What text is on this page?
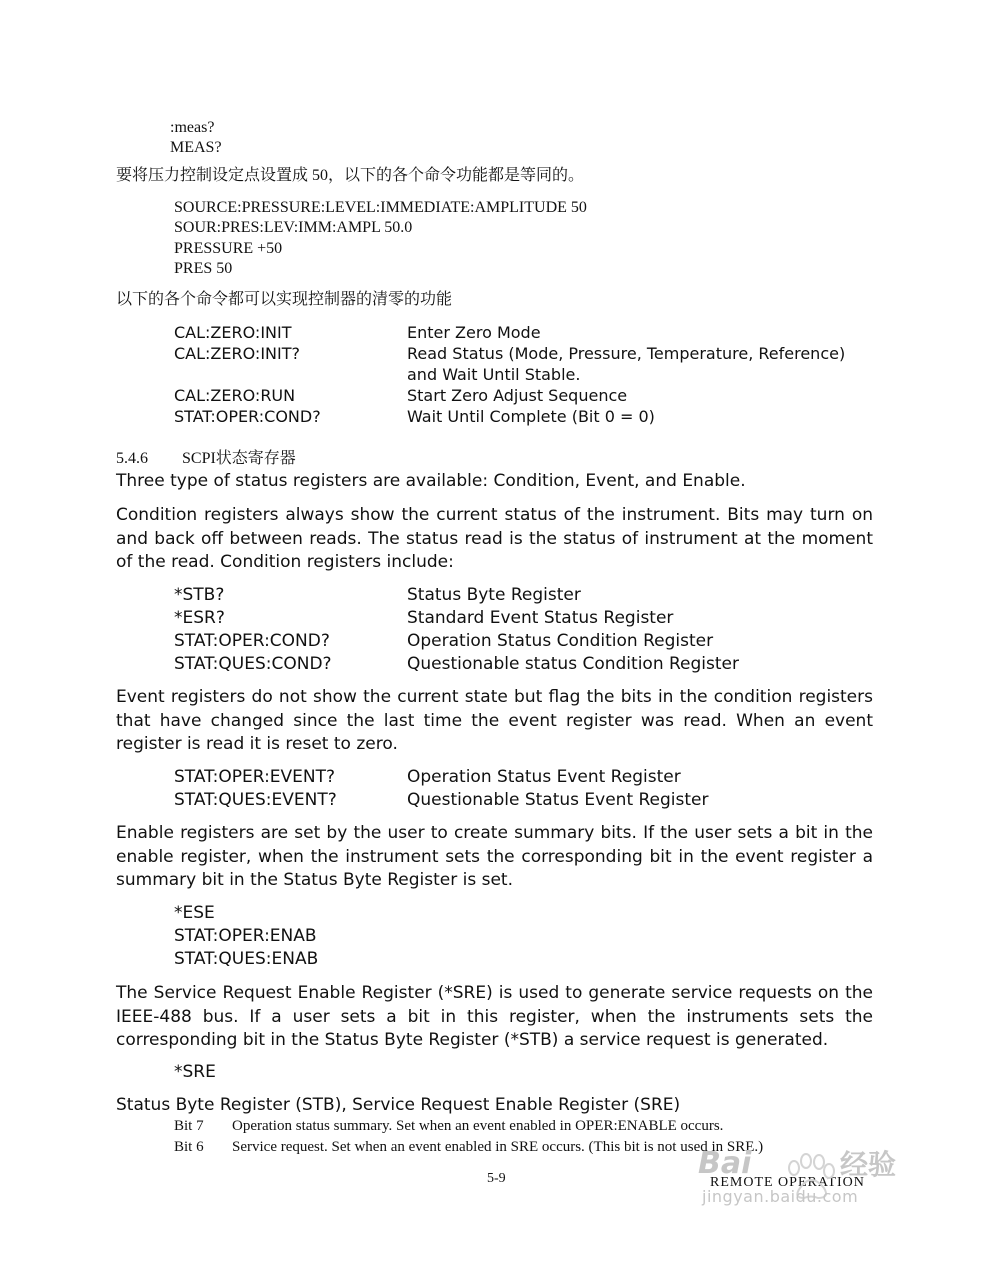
:meas?
MEAS?
要将压力控制设定点设置成 50，以下的各个命令功能都是等同的。
SOURCE:PRESSURE:LEVEL:IMMEDIATE:AMPLITUDE 50
SOUR:PRES:LEV:IMM:AMPL 50.0
PRESSURE +50
PRES 50
以下的各个命令都可以实现控制器的清零的功能
CAL:ZERO:INIT	Enter Zero Mode
CAL:ZERO:INIT?	Read Status (Mode, Pressure, Temperature, Reference)
and Wait Until Stable.
CAL:ZERO:RUN	Start Zero Adjust Sequence
STAT:OPER:COND?	Wait Until Complete (Bit 0 = 0)
5.4.6 SCPI状态寄存器
Three type of status registers are available: Condition, Event, and Enable.
Condition registers always show the current status of the instrument. Bits may turn on and back off between reads. The status read is the status of instrument at the moment of the read. Condition registers include:
*STB?	Status Byte Register
*ESR?	Standard Event Status Register
STAT:OPER:COND?	Operation Status Condition Register
STAT:QUES:COND?	Questionable status Condition Register
Event registers do not show the current state but flag the bits in the condition registers that have changed since the last time the event register was read. When an event register is read it is reset to zero.
STAT:OPER:EVENT?	Operation Status Event Register
STAT:QUES:EVENT?	Questionable Status Event Register
Enable registers are set by the user to create summary bits. If the user sets a bit in the enable register, when the instrument sets the corresponding bit in the event register a summary bit in the Status Byte Register is set.
*ESE
STAT:OPER:ENAB
STAT:QUES:ENAB
The Service Request Enable Register (*SRE) is used to generate service requests on the IEEE-488 bus. If a user sets a bit in this register, when the instruments sets the corresponding bit in the Status Byte Register (*STB) a service request is generated.
*SRE
Status Byte Register (STB), Service Request Enable Register (SRE)
Bit 7 Operation status summary. Set when an event enabled in OPER:ENABLE occurs.
Bit 6 Service request. Set when an event enabled in SRE occurs. (This bit is not used in SRE.)
5-9	REMOTE OPERATION
Bai	经验
jingyan.baidu.com
